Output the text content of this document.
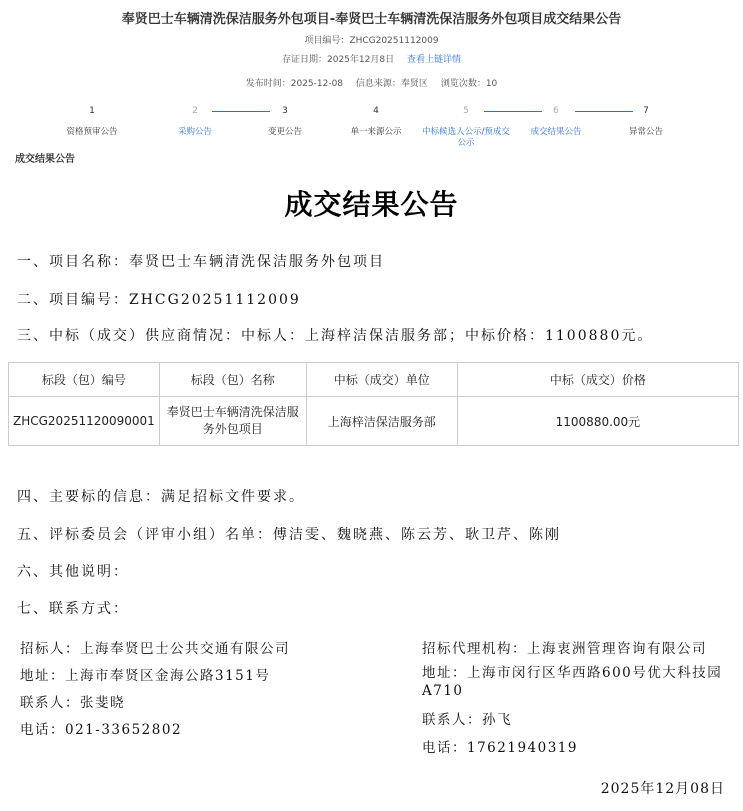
奉贤巴士车辆清洗保洁服务外包项目-奉贤巴士车辆清洗保洁服务外包项目成交结果公告
项目编号：ZHCG20251112009
存证日期：2025年12月8日 查看上链详情
发布时间：2025-12-08 信息来源：奉贤区 浏览次数：10
1
资格预审公告
2
采购公告
3
变更公告
4
单一来源公示
5
中标候选人公示/预成交公示
6
成交结果公告
7
异常公告
成交结果公告
成交结果公告
一、项目名称：奉贤巴士车辆清洗保洁服务外包项目
二、项目编号：ZHCG20251112009
三、中标（成交）供应商情况：中标人：上海梓洁保洁服务部；中标价格：1100880元。
标段（包）编号	标段（包）名称	中标（成交）单位	中标（成交）价格
ZHCG20251120090001	奉贤巴士车辆清洗保洁服务外包项目	上海梓洁保洁服务部	1100880.00元
四、主要标的信息：满足招标文件要求。
五、评标委员会（评审小组）名单：傅洁雯、魏晓燕、陈云芳、耿卫芹、陈刚
六、其他说明：
七、联系方式：
招标人：上海奉贤巴士公共交通有限公司
地址：上海市奉贤区金海公路3151号
联系人：张斐晓
电话：021-33652802
招标代理机构：上海衷洲管理咨询有限公司
地址：上海市闵行区华西路600号优大科技园A710
联系人：孙飞
电话：17621940319
2025年12月08日
